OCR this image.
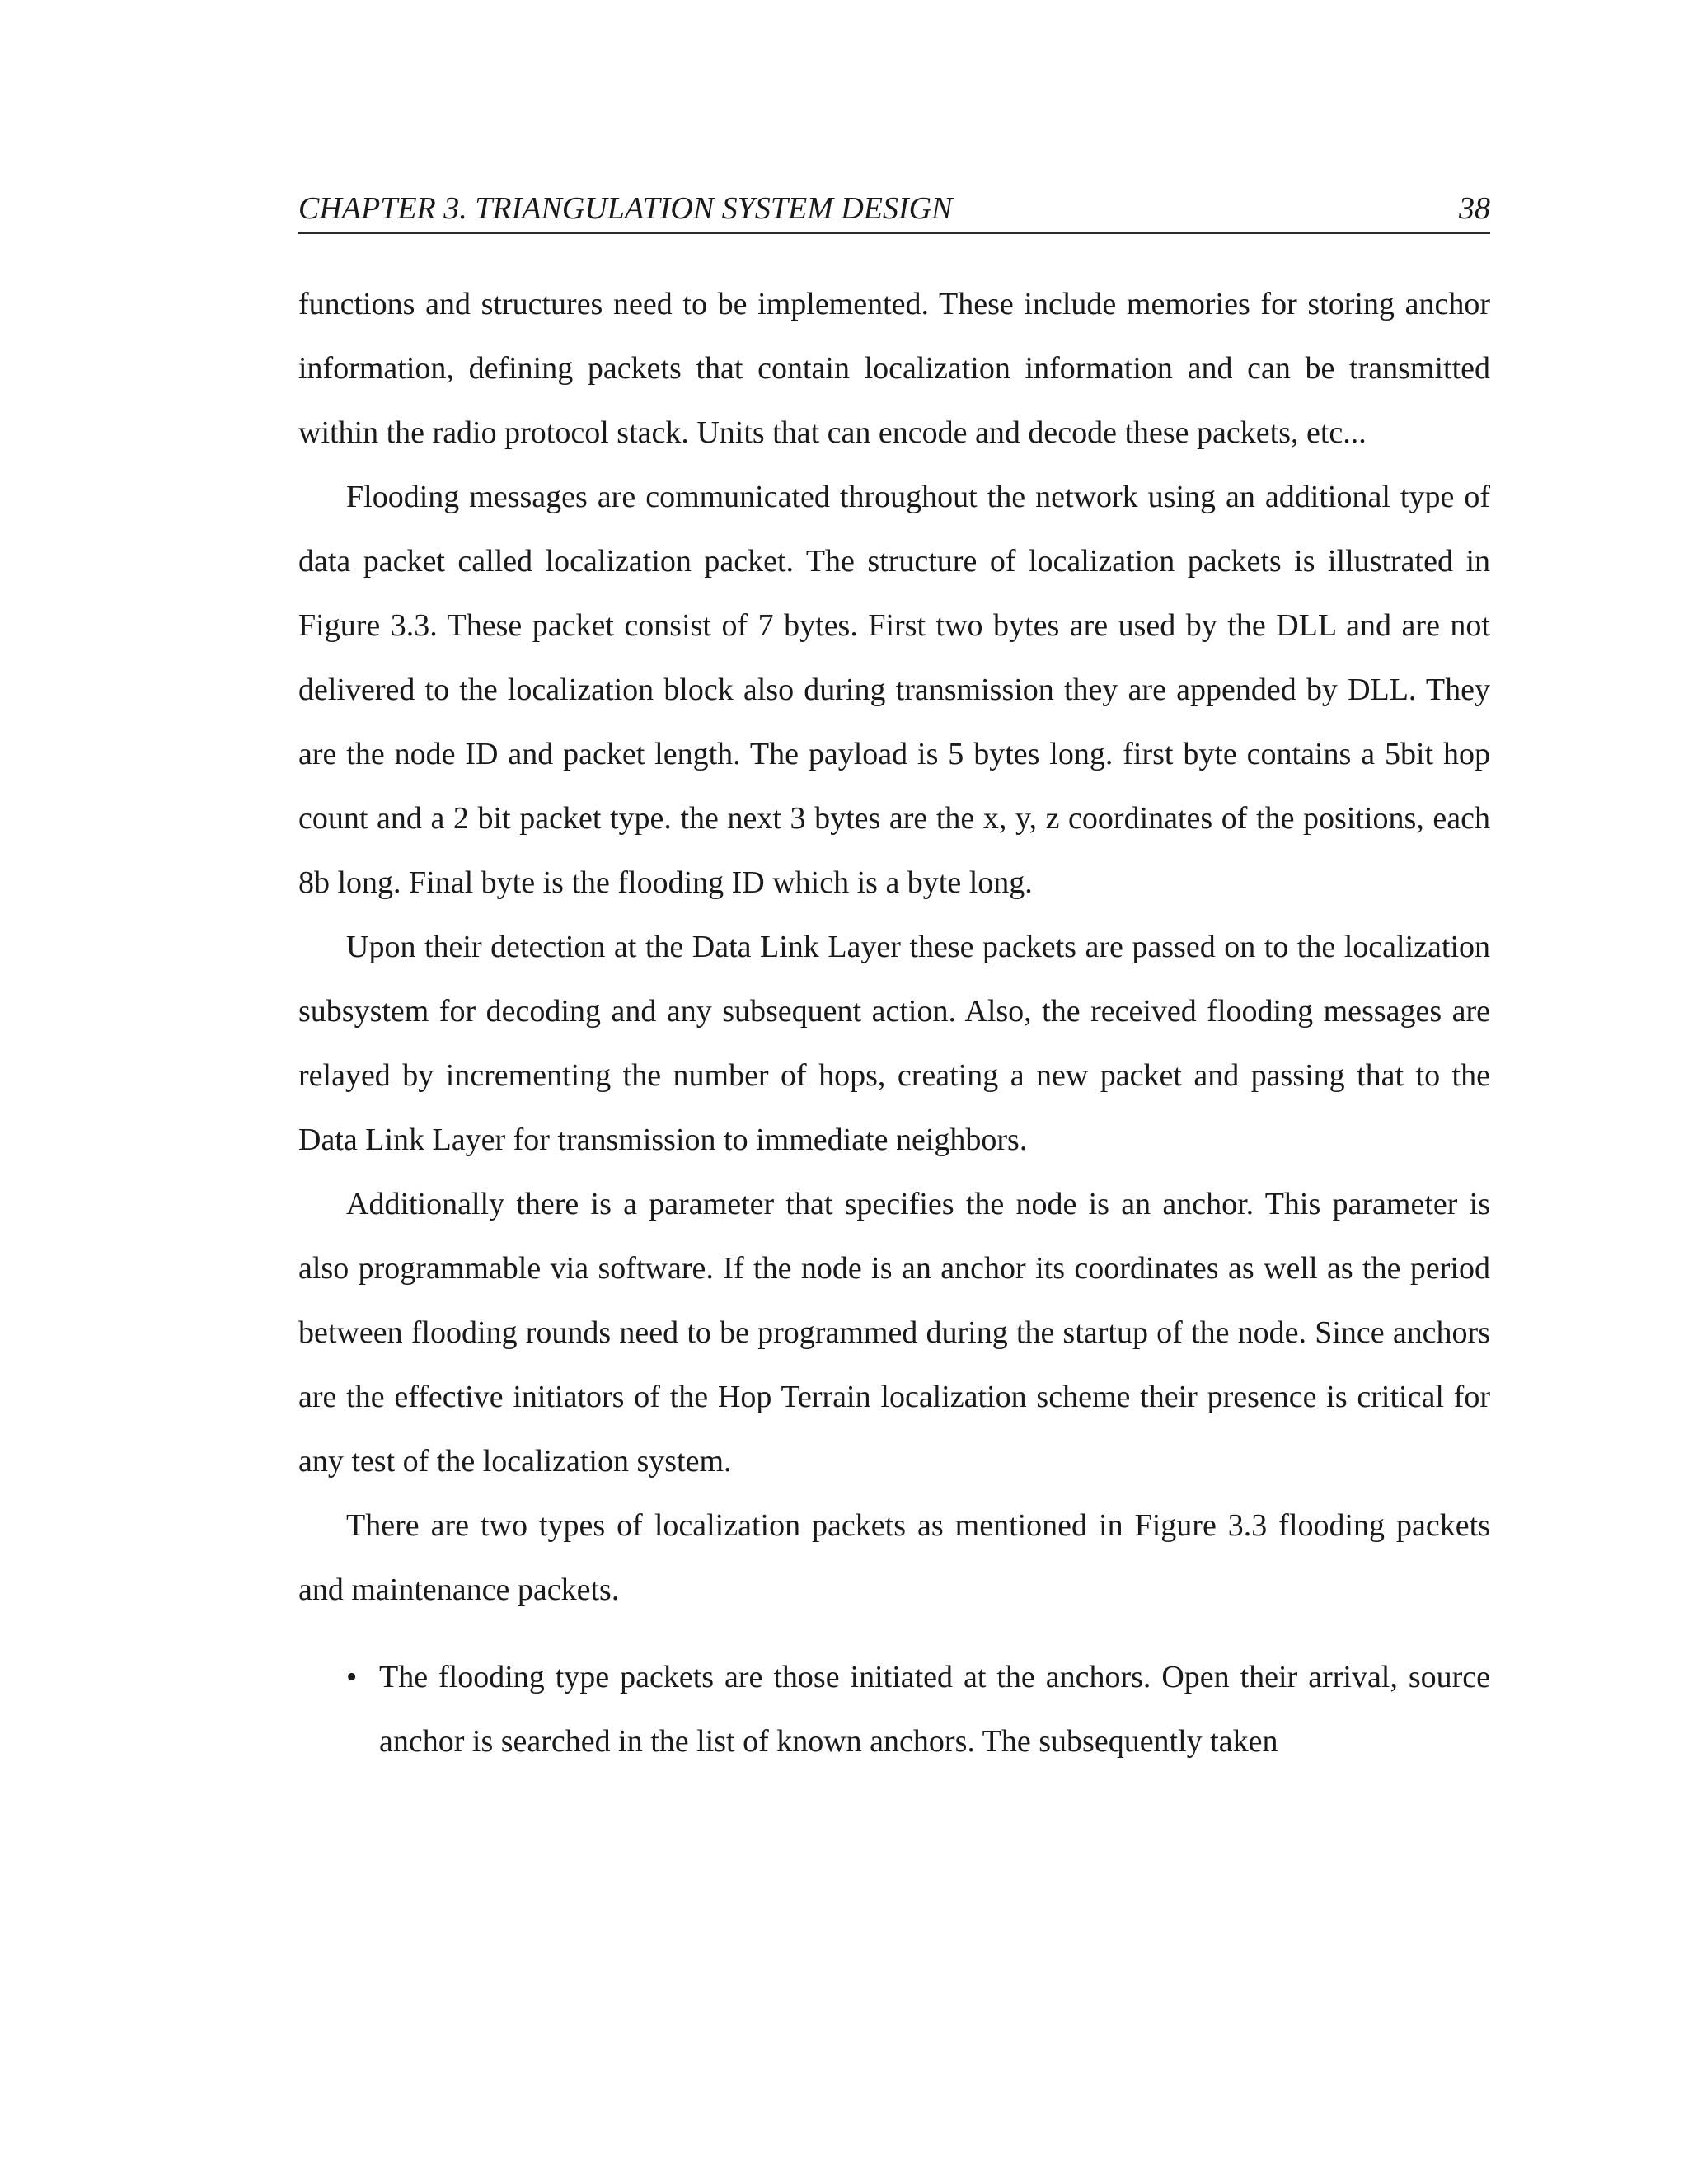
CHAPTER 3. TRIANGULATION SYSTEM DESIGN	38

functions and structures need to be implemented. These include memories for storing anchor information, defining packets that contain localization information and can be transmitted within the radio protocol stack. Units that can encode and decode these packets, etc...

Flooding messages are communicated throughout the network using an additional type of data packet called localization packet. The structure of localization packets is illustrated in Figure 3.3. These packet consist of 7 bytes. First two bytes are used by the DLL and are not delivered to the localization block also during transmission they are appended by DLL. They are the node ID and packet length. The payload is 5 bytes long. first byte contains a 5bit hop count and a 2 bit packet type. the next 3 bytes are the x, y, z coordinates of the positions, each 8b long. Final byte is the flooding ID which is a byte long.

Upon their detection at the Data Link Layer these packets are passed on to the localization subsystem for decoding and any subsequent action. Also, the received flooding messages are relayed by incrementing the number of hops, creating a new packet and passing that to the Data Link Layer for transmission to immediate neighbors.

Additionally there is a parameter that specifies the node is an anchor. This parameter is also programmable via software. If the node is an anchor its coordinates as well as the period between flooding rounds need to be programmed during the startup of the node. Since anchors are the effective initiators of the Hop Terrain localization scheme their presence is critical for any test of the localization system.

There are two types of localization packets as mentioned in Figure 3.3 flooding packets and maintenance packets.

• The flooding type packets are those initiated at the anchors. Open their arrival, source anchor is searched in the list of known anchors. The subsequently taken
